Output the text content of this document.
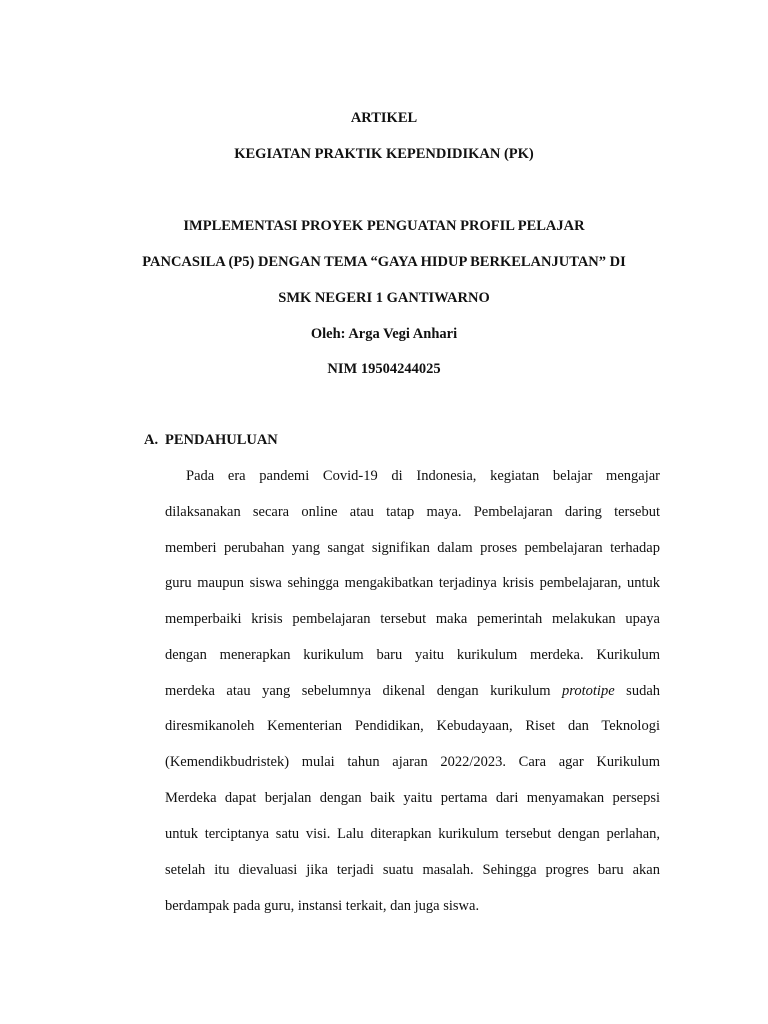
ARTIKEL
KEGIATAN PRAKTIK KEPENDIDIKAN (PK)
IMPLEMENTASI PROYEK PENGUATAN PROFIL PELAJAR
PANCASILA (P5) DENGAN TEMA “GAYA HIDUP BERKELANJUTAN” DI
SMK NEGERI 1 GANTIWARNO
Oleh: Arga Vegi Anhari
NIM 19504244025
A. PENDAHULUAN
Pada era pandemi Covid-19 di Indonesia, kegiatan belajar mengajar
dilaksanakan secara online atau tatap maya. Pembelajaran daring tersebut
memberi perubahan yang sangat signifikan dalam proses pembelajaran terhadap
guru maupun siswa sehingga mengakibatkan terjadinya krisis pembelajaran, untuk
memperbaiki krisis pembelajaran tersebut maka pemerintah melakukan upaya
dengan menerapkan kurikulum baru yaitu kurikulum merdeka. Kurikulum
merdeka atau yang sebelumnya dikenal dengan kurikulum prototipe sudah
diresmikanoleh Kementerian Pendidikan, Kebudayaan, Riset dan Teknologi
(Kemendikbudristek) mulai tahun ajaran 2022/2023. Cara agar Kurikulum
Merdeka dapat berjalan dengan baik yaitu pertama dari menyamakan persepsi
untuk terciptanya satu visi. Lalu diterapkan kurikulum tersebut dengan perlahan,
setelah itu dievaluasi jika terjadi suatu masalah. Sehingga progres baru akan
berdampak pada guru, instansi terkait, dan juga siswa.
